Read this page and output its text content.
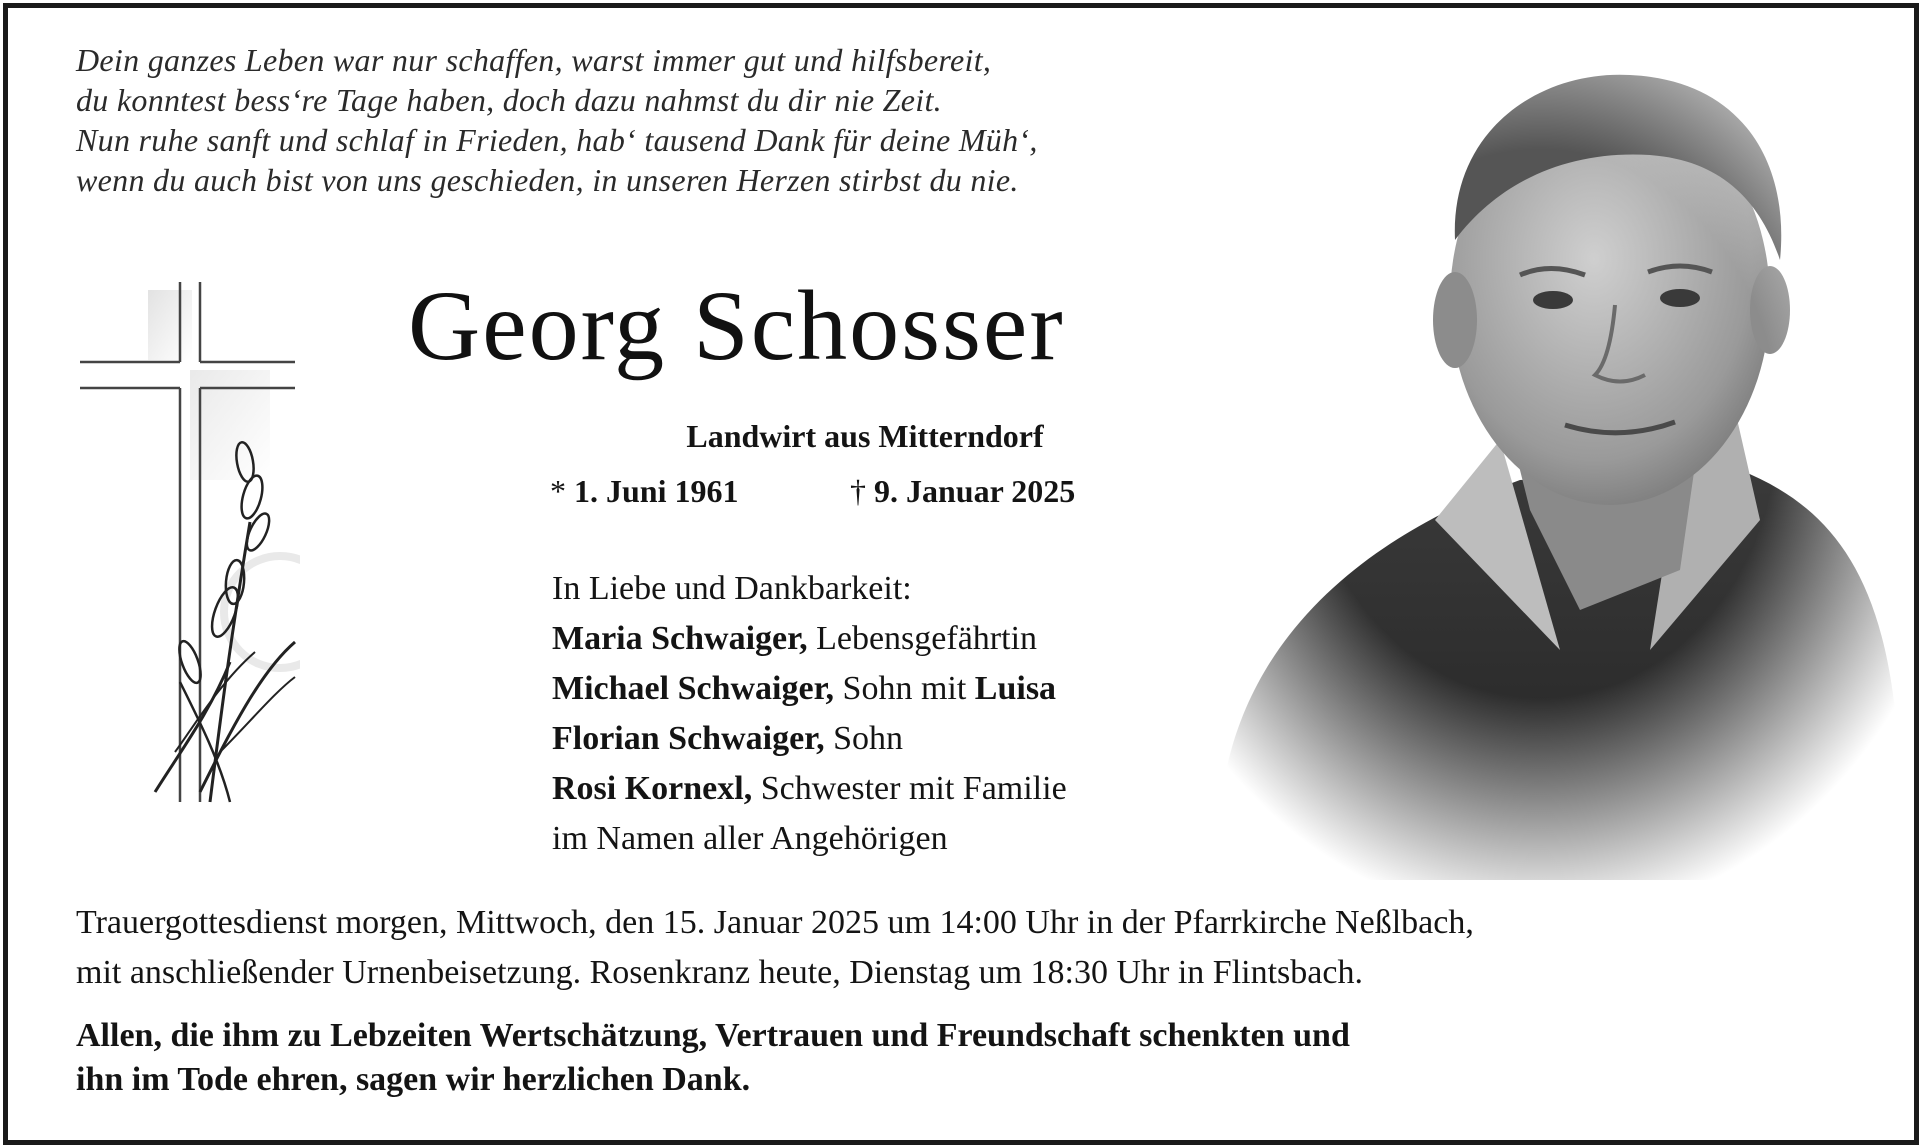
Dein ganzes Leben war nur schaffen, warst immer gut und hilfsbereit,
du konntest bess‘re Tage haben, doch dazu nahmst du dir nie Zeit.
Nun ruhe sanft und schlaf in Frieden, hab‘ tausend Dank für deine Müh‘,
wenn du auch bist von uns geschieden, in unseren Herzen stirbst du nie.
Georg Schosser
Landwirt aus Mitterndorf
* 1. Juni 1961	† 9. Januar 2025
In Liebe und Dankbarkeit:
Maria Schwaiger, Lebensgefährtin
Michael Schwaiger, Sohn mit Luisa
Florian Schwaiger, Sohn
Rosi Kornexl, Schwester mit Familie
im Namen aller Angehörigen
Trauergottesdienst morgen, Mittwoch, den 15. Januar 2025 um 14:00 Uhr in der Pfarrkirche Neßlbach,
mit anschließender Urnenbeisetzung. Rosenkranz heute, Dienstag um 18:30 Uhr in Flintsbach.
Allen, die ihm zu Lebzeiten Wertschätzung, Vertrauen und Freundschaft schenkten und
ihn im Tode ehren, sagen wir herzlichen Dank.
